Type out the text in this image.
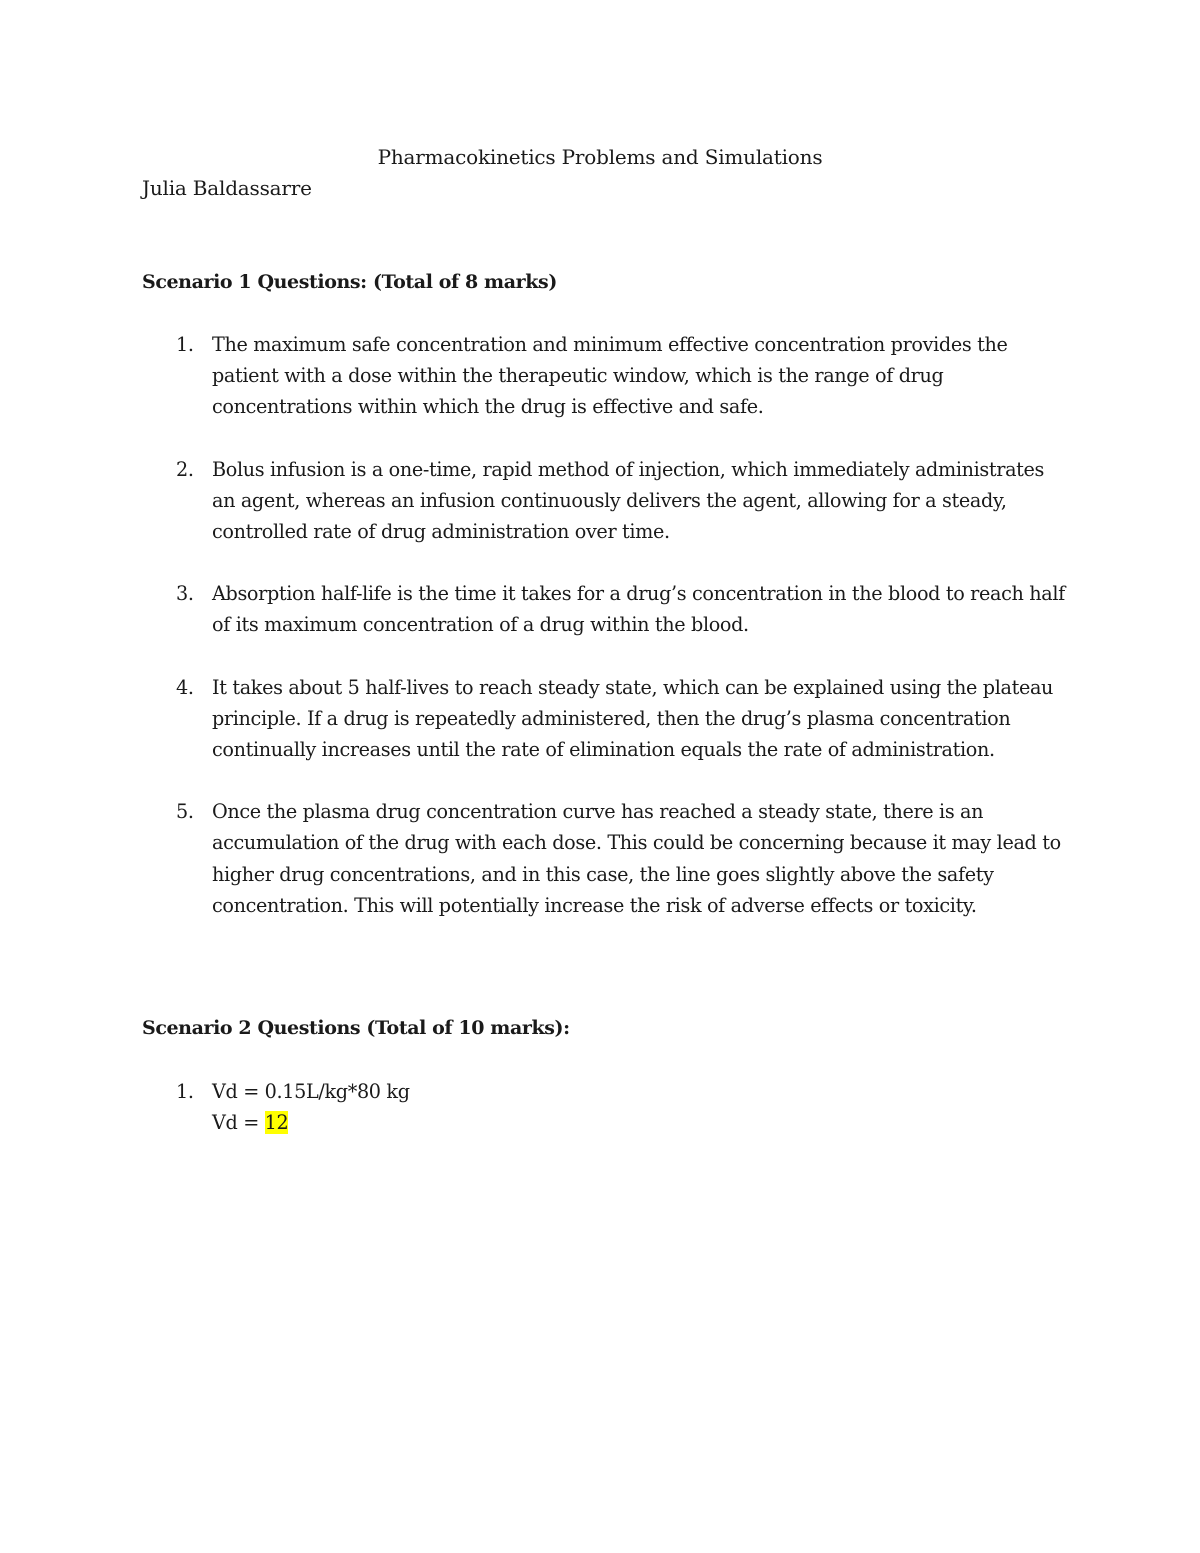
Pharmacokinetics Problems and Simulations
Julia Baldassarre
Scenario 1 Questions: (Total of 8 marks)
1. The maximum safe concentration and minimum effective concentration provides the patient with a dose within the therapeutic window, which is the range of drug concentrations within which the drug is effective and safe.
2. Bolus infusion is a one-time, rapid method of injection, which immediately administrates an agent, whereas an infusion continuously delivers the agent, allowing for a steady, controlled rate of drug administration over time.
3. Absorption half-life is the time it takes for a drug’s concentration in the blood to reach half of its maximum concentration of a drug within the blood.
4. It takes about 5 half-lives to reach steady state, which can be explained using the plateau principle. If a drug is repeatedly administered, then the drug’s plasma concentration continually increases until the rate of elimination equals the rate of administration.
5. Once the plasma drug concentration curve has reached a steady state, there is an accumulation of the drug with each dose. This could be concerning because it may lead to higher drug concentrations, and in this case, the line goes slightly above the safety concentration. This will potentially increase the risk of adverse effects or toxicity.
Scenario 2 Questions (Total of 10 marks):
1. Vd = 0.15L/kg*80 kg
Vd = 12
